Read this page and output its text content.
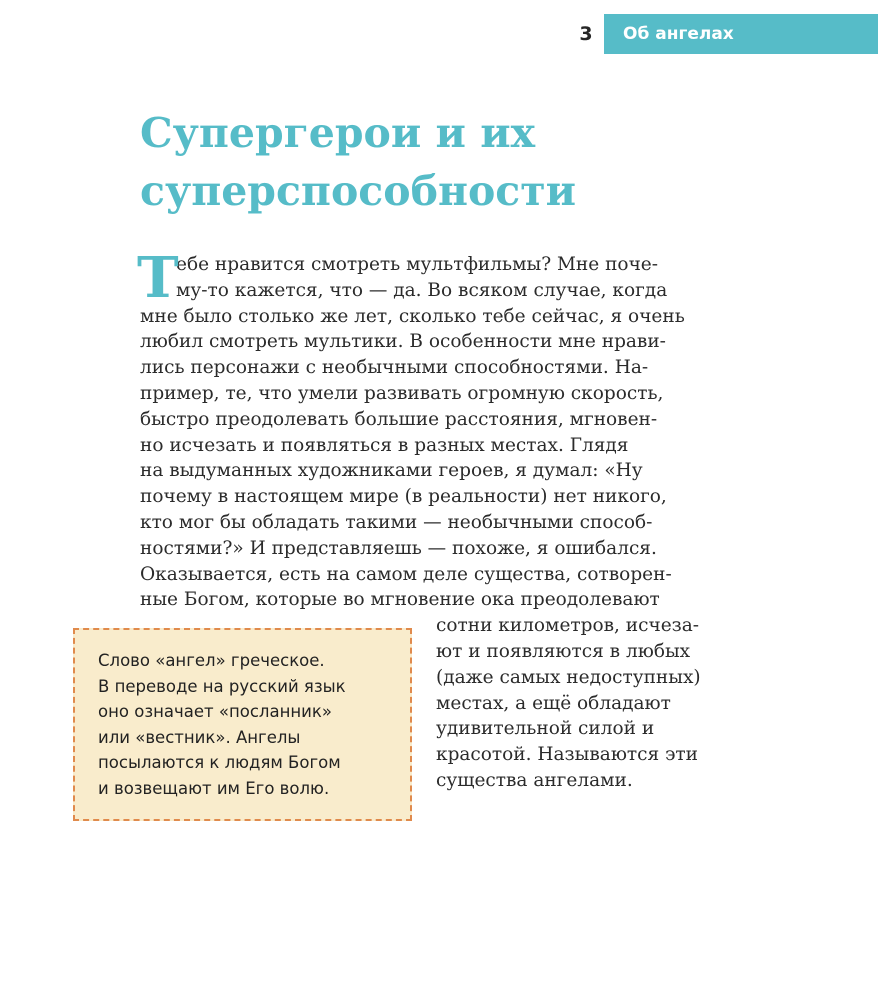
3	Об ангелах
Супергерои и их
суперспособности
Т
ебе нравится смотреть мультфильмы? Мне поче-
му-то кажется, что — да. Во всяком случае, когда
мне было столько же лет, сколько тебе сейчас, я очень
любил смотреть мультики. В особенности мне нрави-
лись персонажи с необычными способностями. На-
пример, те, что умели развивать огромную скорость,
быстро преодолевать большие расстояния, мгновен-
но исчезать и появляться в разных местах. Глядя
на выдуманных художниками героев, я думал: «Ну
почему в настоящем мире (в реальности) нет никого,
кто мог бы обладать такими — необычными способ-
ностями?» И представляешь — похоже, я ошибался.
Оказывается, есть на самом деле существа, сотворен-
ные Богом, которые во мгновение ока преодолевают
сотни километров, исчеза-
ют и появляются в любых
(даже самых недоступных)
местах, а ещё обладают
удивительной силой и
красотой. Называются эти
существа ангелами.
Слово «ангел» греческое.
В переводе на русский язык
оно означает «посланник»
или «вестник». Ангелы
посылаются к людям Богом
и возвещают им Его волю.
